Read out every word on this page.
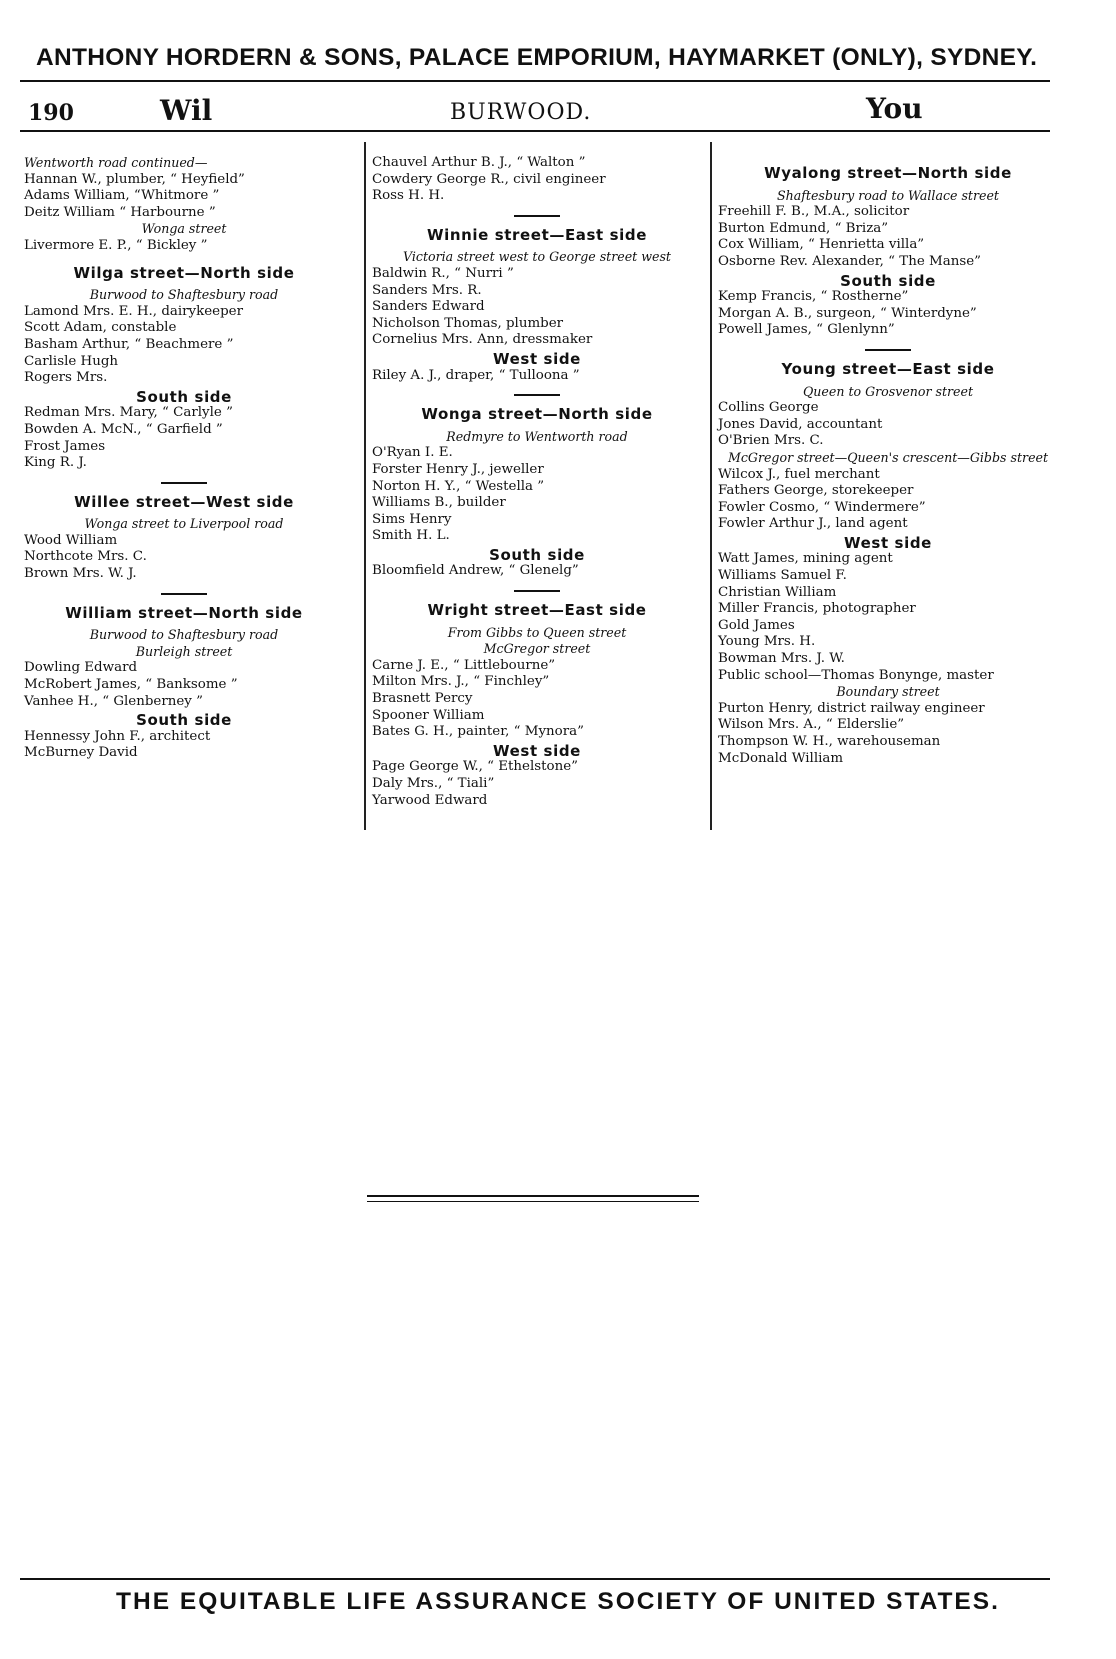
ANTHONY HORDERN & SONS, PALACE EMPORIUM, HAYMARKET (ONLY), SYDNEY.
190	Wil	BURWOOD.	You
Wentworth road continued—
Hannan W., plumber, “ Heyfield”
Adams William, “Whitmore ”
Deitz William “ Harbourne ”
Wonga street
Livermore E. P., “ Bickley ”
Wilga street—North side
Burwood to Shaftesbury road
Lamond Mrs. E. H., dairykeeper
Scott Adam, constable
Basham Arthur, “ Beachmere ”
Carlisle Hugh
Rogers Mrs.
South side
Redman Mrs. Mary, “ Carlyle ”
Bowden A. McN., “ Garfield ”
Frost James
King R. J.
Willee street—West side
Wonga street to Liverpool road
Wood William
Northcote Mrs. C.
Brown Mrs. W. J.
William street—North side
Burwood to Shaftesbury road
Burleigh street
Dowling Edward
McRobert James, “ Banksome ”
Vanhee H., “ Glenberney ”
South side
Hennessy John F., architect
McBurney David
Chauvel Arthur B. J., “ Walton ”
Cowdery George R., civil engineer
Ross H. H.
Winnie street—East side
Victoria street west to George street west
Baldwin R., “ Nurri ”
Sanders Mrs. R.
Sanders Edward
Nicholson Thomas, plumber
Cornelius Mrs. Ann, dressmaker
West side
Riley A. J., draper, “ Tulloona ”
Wonga street—North side
Redmyre to Wentworth road
O'Ryan I. E.
Forster Henry J., jeweller
Norton H. Y., “ Westella ”
Williams B., builder
Sims Henry
Smith H. L.
South side
Bloomfield Andrew, “ Glenelg”
Wright street—East side
From Gibbs to Queen street
McGregor street
Carne J. E., “ Littlebourne”
Milton Mrs. J., “ Finchley”
Brasnett Percy
Spooner William
Bates G. H., painter, “ Mynora”
West side
Page George W., “ Ethelstone”
Daly Mrs., “ Tiali”
Yarwood Edward
Wyalong street—North side
Shaftesbury road to Wallace street
Freehill F. B., M.A., solicitor
Burton Edmund, “ Briza”
Cox William, “ Henrietta villa”
Osborne Rev. Alexander, “ The Manse”
South side
Kemp Francis, “ Rostherne”
Morgan A. B., surgeon, “ Winterdyne”
Powell James, “ Glenlynn”
Young street—East side
Queen to Grosvenor street
Collins George
Jones David, accountant
O'Brien Mrs. C.
McGregor street—Queen's crescent—Gibbs street
Wilcox J., fuel merchant
Fathers George, storekeeper
Fowler Cosmo, “ Windermere”
Fowler Arthur J., land agent
West side
Watt James, mining agent
Williams Samuel F.
Christian William
Miller Francis, photographer
Gold James
Young Mrs. H.
Bowman Mrs. J. W.
Public school—Thomas Bonynge, master
Boundary street
Purton Henry, district railway engineer
Wilson Mrs. A., “ Elderslie”
Thompson W. H., warehouseman
McDonald William
THE EQUITABLE LIFE ASSURANCE SOCIETY OF UNITED STATES.
